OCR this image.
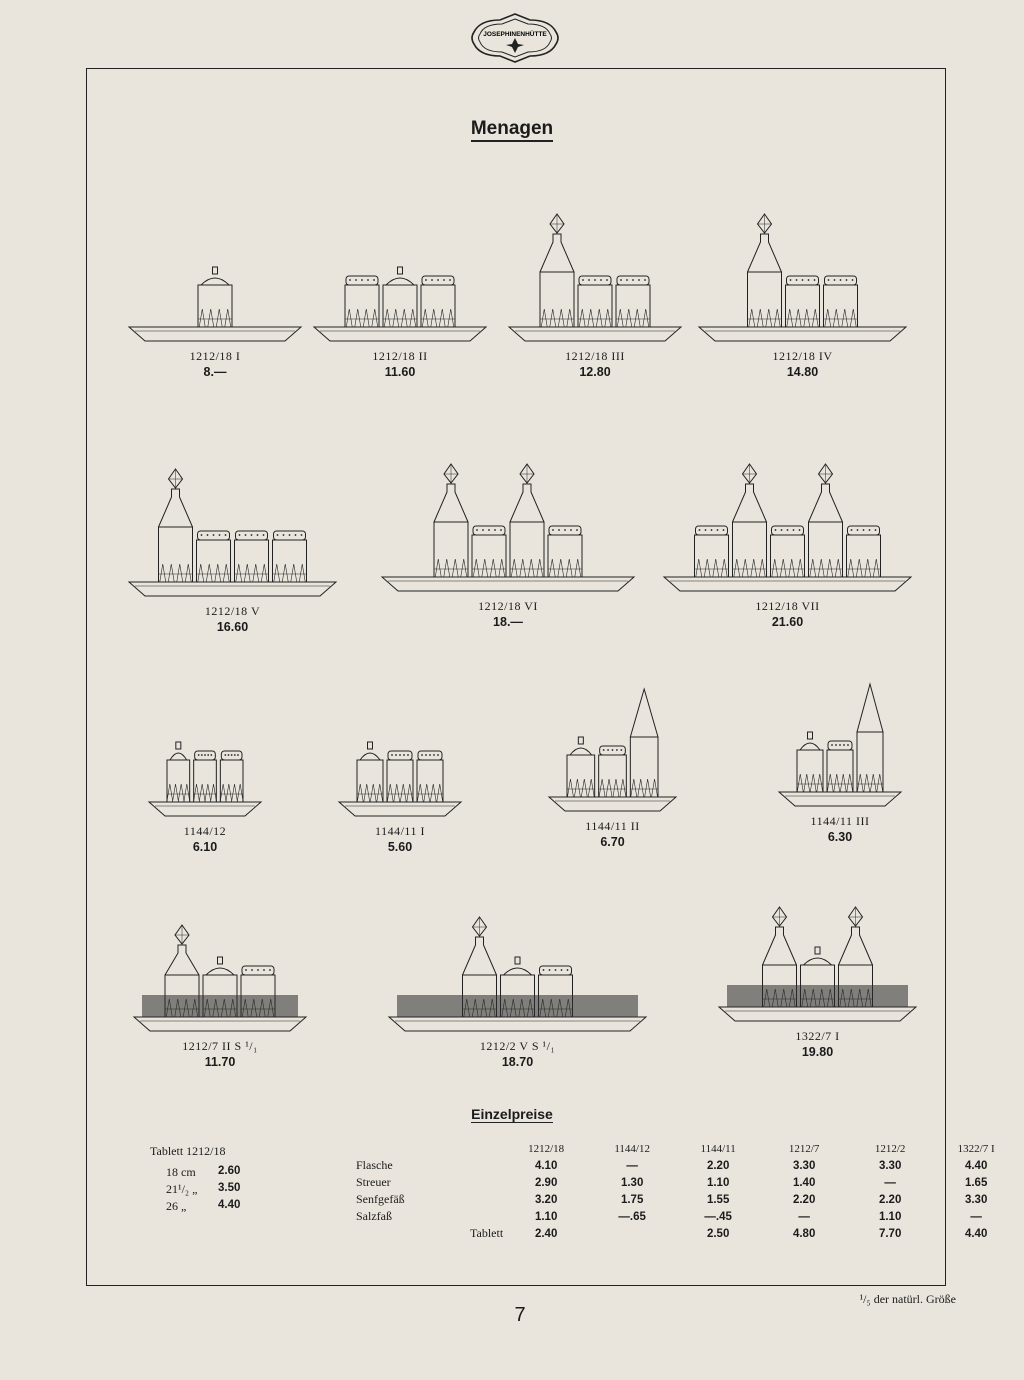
JOSEPHINENHÜTTE
Menagen
1212/18 I
8.—
1212/18 II
11.60
1212/18 III
12.80
1212/18 IV
14.80
1212/18 V
16.60
1212/18 VI
18.—
1212/18 VII
21.60
1144/12
6.10
1144/11 I
5.60
1144/11 II
6.70
1144/11 III
6.30
1212/7 II S ¹/₁
11.70
1212/2 V S ¹/₁
18.70
1322/7 I
19.80
Einzelpreise
Tablett 1212/18
18 cm	2.60
21¹/₂ „	3.50
26 „	4.40
	1212/18	1144/12	1144/11	1212/7	1212/2	1322/7 I
Flasche	4.10	—	2.20	3.30	3.30	4.40
Streuer	2.90	1.30	1.10	1.40	—	1.65
Senfgefäß	3.20	1.75	1.55	2.20	2.20	3.30
Salzfaß	1.10	—.65	—.45	—	1.10	—
Tablett	2.40		2.50	4.80	7.70	4.40
7
¹/₅ der natürl. Größe
